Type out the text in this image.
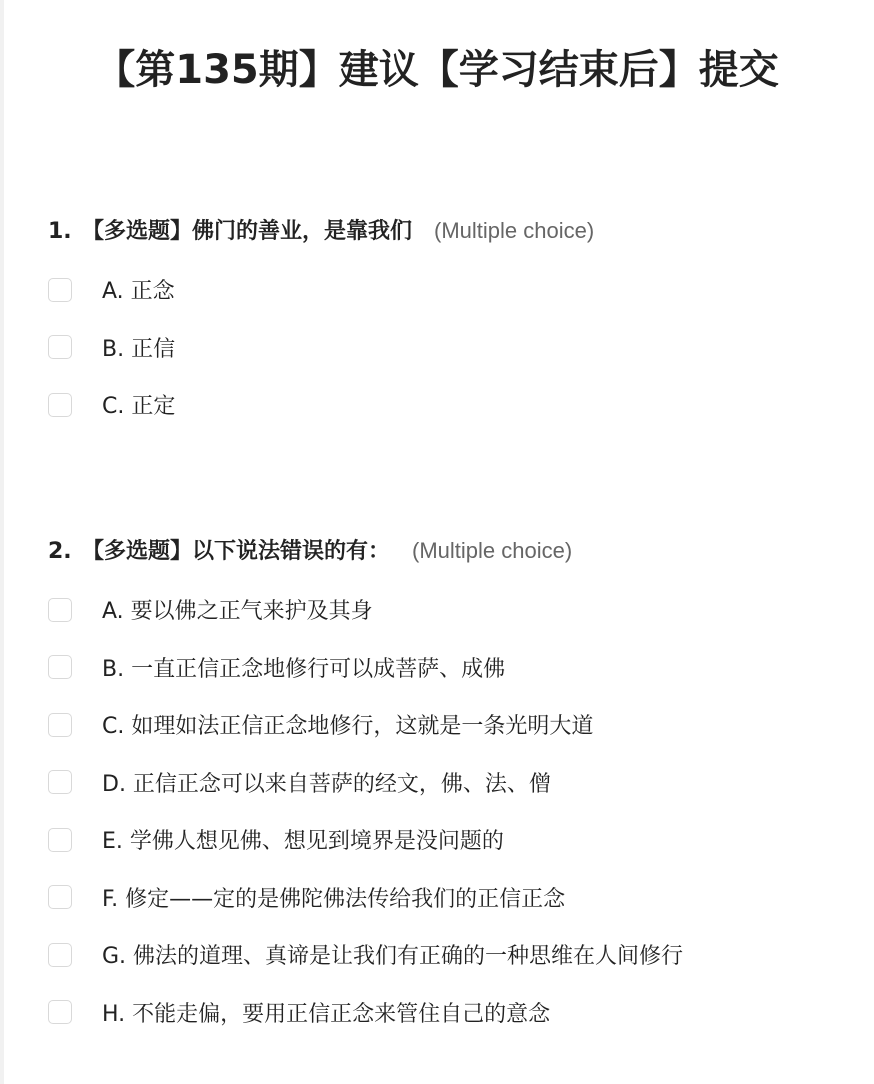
【第135期】建议【学习结束后】提交
1. 【多选题】佛门的善业，是靠我们 (Multiple choice)
A. 正念
B. 正信
C. 正定
2. 【多选题】以下说法错误的有： (Multiple choice)
A. 要以佛之正气来护及其身
B. 一直正信正念地修行可以成菩萨、成佛
C. 如理如法正信正念地修行，这就是一条光明大道
D. 正信正念可以来自菩萨的经文，佛、法、僧
E. 学佛人想见佛、想见到境界是没问题的
F. 修定——定的是佛陀佛法传给我们的正信正念
G. 佛法的道理、真谛是让我们有正确的一种思维在人间修行
H. 不能走偏，要用正信正念来管住自己的意念
